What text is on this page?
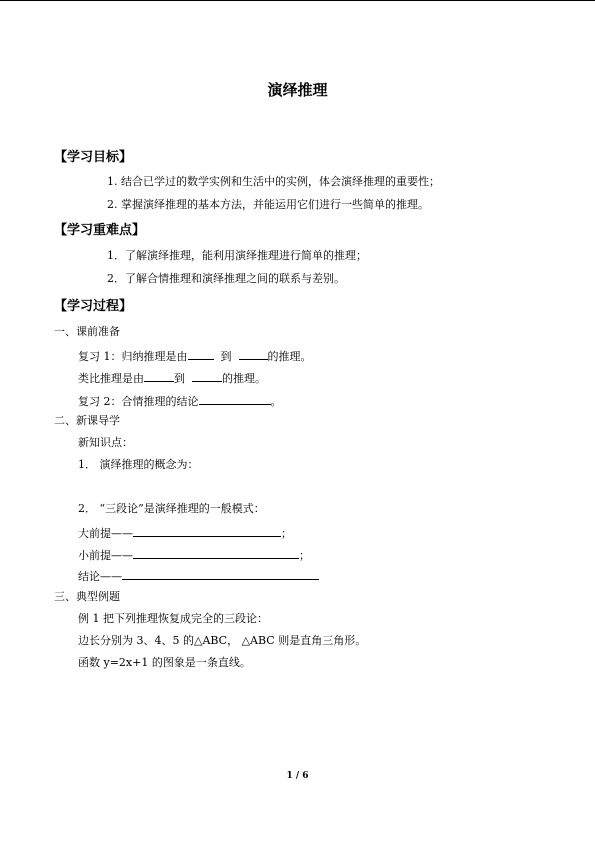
演绎推理
【学习目标】
1. 结合已学过的数学实例和生活中的实例，体会演绎推理的重要性；
2. 掌握演绎推理的基本方法，并能运用它们进行一些简单的推理。
【学习重难点】
1．了解演绎推理，能利用演绎推理进行简单的推理；
2．了解合情推理和演绎推理之间的联系与差别。
【学习过程】
一、课前准备
复习 1：归纳推理是由	到	的推理。
类比推理是由	到	的推理。
复习 2：合情推理的结论	。
二、新课导学
新知识点：
1． 演绎推理的概念为：
2． “三段论”是演绎推理的一般模式：
大前提——	；
小前提——	；
结论——
三、典型例题
例 1 把下列推理恢复成完全的三段论：
边长分别为 3、4、5 的△ABC， △ABC 则是直角三角形。
函数 y=2x+1 的图象是一条直线。
1 / 6
